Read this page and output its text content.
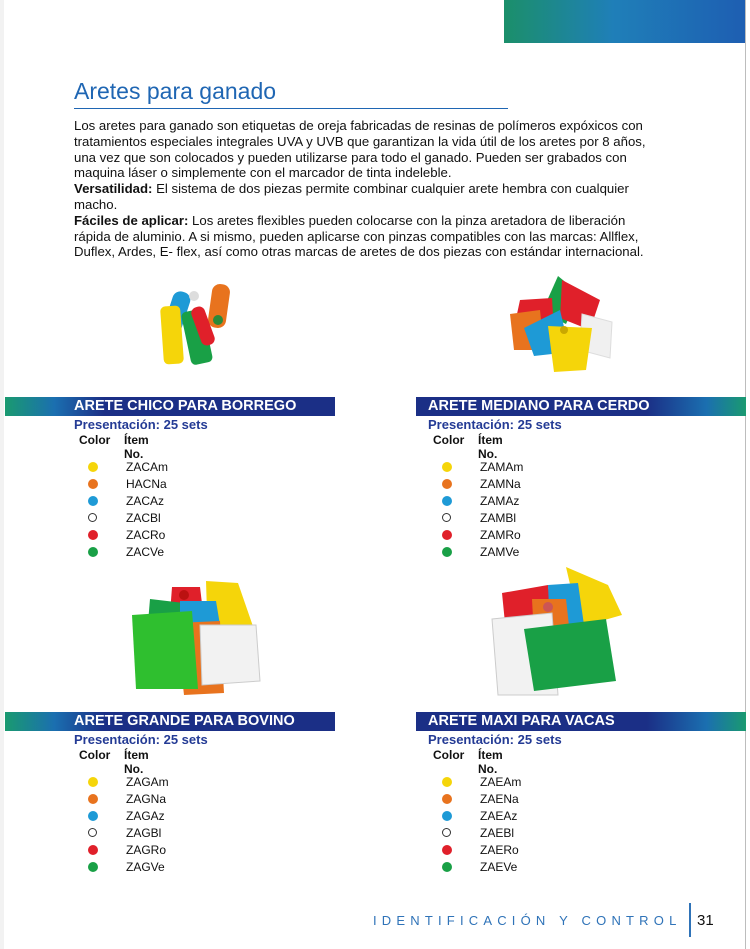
Aretes para ganado

Los aretes para ganado son etiquetas de oreja fabricadas de resinas de polímeros expóxicos con tratamientos especiales integrales UVA y UVB que garantizan la vida útil de los aretes por 8 años, una vez que son colocados y pueden utilizarse para todo el ganado. Pueden ser grabados con maquina láser o simplemente con el marcador de tinta indeleble.

Versatilidad: El sistema de dos piezas permite combinar cualquier arete hembra con cualquier macho.

Fáciles de aplicar: Los aretes flexibles pueden colocarse con la pinza aretadora de liberación rápida de aluminio. A si mismo, pueden aplicarse con pinzas compatibles con las marcas: Allflex, Duflex, Ardes, E- flex, así como otras marcas de aretes de dos piezas con estándar internacional.

ARETE CHICO PARA BORREGO
Presentación: 25 sets
Color Ítem No.
ZACAm
HACNa
ZACAz
ZACBl
ZACRo
ZACVe
ARETE MEDIANO PARA CERDO
Presentación: 25 sets
Color Ítem No.
ZAMAm
ZAMNa
ZAMAz
ZAMBl
ZAMRo
ZAMVe
ARETE GRANDE PARA BOVINO
Presentación: 25 sets
Color Ítem No.
ZAGAm
ZAGNa
ZAGAz
ZAGBl
ZAGRo
ZAGVe
ARETE MAXI PARA VACAS
Presentación: 25 sets
Color Ítem No.
ZAEAm
ZAENa
ZAEAz
ZAEBl
ZAERo
ZAEVe
IDENTIFICACIÓN Y CONTROL 31
